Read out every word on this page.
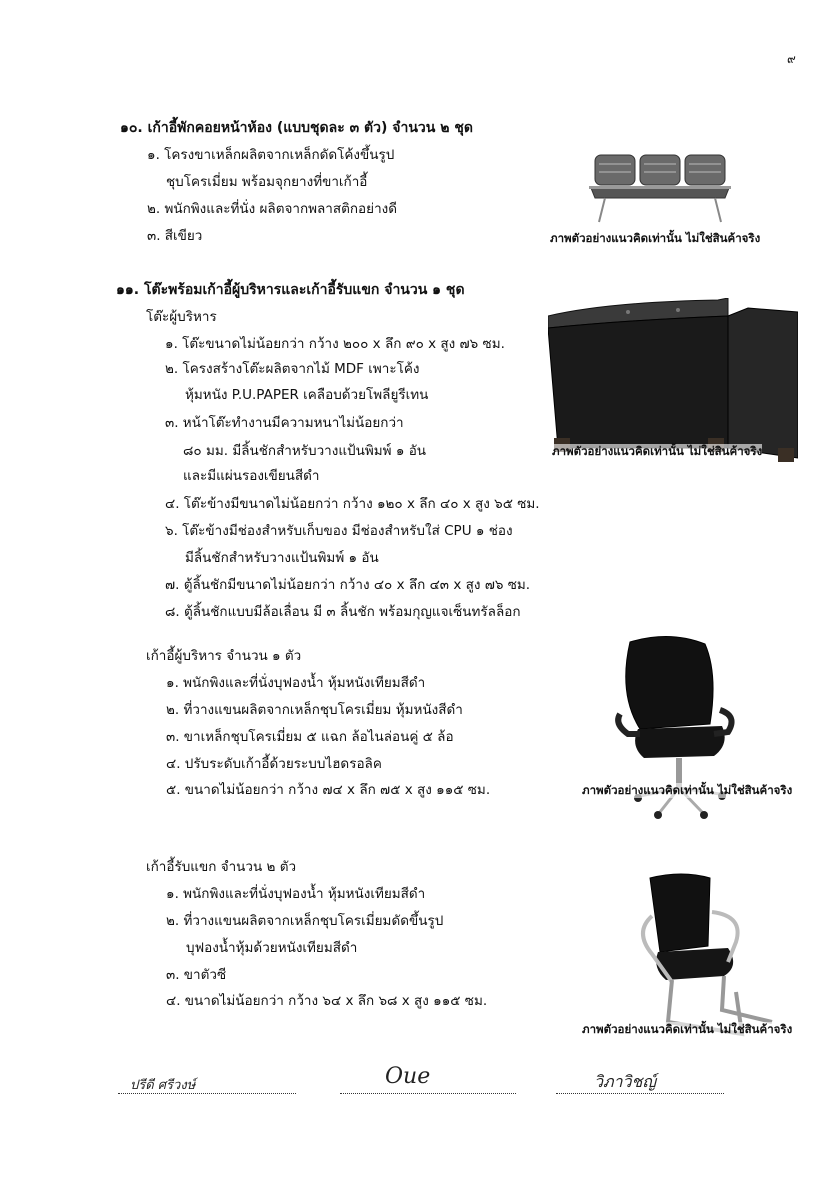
๙
๑๐. เก้าอี้พักคอยหน้าห้อง (แบบชุดละ ๓ ตัว) จำนวน ๒ ชุด
๑. โครงขาเหล็กผลิตจากเหล็กดัดโค้งขึ้นรูป
ชุบโครเมี่ยม พร้อมจุกยางที่ขาเก้าอี้
๒. พนักพิงและที่นั่ง ผลิตจากพลาสติกอย่างดี
๓. สีเขียว	ภาพตัวอย่างแนวคิดเท่านั้น ไม่ใช่สินค้าจริง
๑๑. โต๊ะพร้อมเก้าอี้ผู้บริหารและเก้าอี้รับแขก จำนวน ๑ ชุด
โต๊ะผู้บริหาร
๑. โต๊ะขนาดไม่น้อยกว่า กว้าง ๒๐๐ x ลึก ๙๐ x สูง ๗๖ ซม.
๒. โครงสร้างโต๊ะผลิตจากไม้ MDF เพาะโค้ง
หุ้มหนัง P.U.PAPER เคลือบด้วยโพลียูรีเทน
๓. หน้าโต๊ะทำงานมีความหนาไม่น้อยกว่า
๘๐ มม. มีลิ้นชักสำหรับวางแป้นพิมพ์ ๑ อัน
และมีแผ่นรองเขียนสีดำ
๔. โต๊ะข้างมีขนาดไม่น้อยกว่า กว้าง ๑๒๐ x ลึก ๔๐ x สูง ๖๕ ซม.
๖. โต๊ะข้างมีช่องสำหรับเก็บของ มีช่องสำหรับใส่ CPU ๑ ช่อง
มีลิ้นชักสำหรับวางแป้นพิมพ์ ๑ อัน
๗. ตู้ลิ้นชักมีขนาดไม่น้อยกว่า กว้าง ๔๐ x ลึก ๔๓ x สูง ๗๖ ซม.
๘. ตู้ลิ้นชักแบบมีล้อเลื่อน มี ๓ ลิ้นชัก พร้อมกุญแจเซ็นทรัลล็อก
ภาพตัวอย่างแนวคิดเท่านั้น ไม่ใช่สินค้าจริง
เก้าอี้ผู้บริหาร จำนวน ๑ ตัว
๑. พนักพิงและที่นั่งบุฟองน้ำ หุ้มหนังเทียมสีดำ
๒. ที่วางแขนผลิตจากเหล็กชุบโครเมี่ยม หุ้มหนังสีดำ
๓. ขาเหล็กชุบโครเมี่ยม ๕ แฉก ล้อไนล่อนคู่ ๕ ล้อ
๔. ปรับระดับเก้าอี้ด้วยระบบไฮดรอลิค
๕. ขนาดไม่น้อยกว่า กว้าง ๗๔ x ลึก ๗๕ x สูง ๑๑๕ ซม.	ภาพตัวอย่างแนวคิดเท่านั้น ไม่ใช่สินค้าจริง
เก้าอี้รับแขก จำนวน ๒ ตัว
๑. พนักพิงและที่นั่งบุฟองน้ำ หุ้มหนังเทียมสีดำ
๒. ที่วางแขนผลิตจากเหล็กชุบโครเมี่ยมดัดขึ้นรูป
บุฟองน้ำหุ้มด้วยหนังเทียมสีดำ
๓. ขาตัวซี
๔. ขนาดไม่น้อยกว่า กว้าง ๖๔ x ลึก ๖๘ x สูง ๑๑๕ ซม.
ภาพตัวอย่างแนวคิดเท่านั้น ไม่ใช่สินค้าจริง
ปรีดี ศรีวงษ์	Oue	วิภาวิชญ์
